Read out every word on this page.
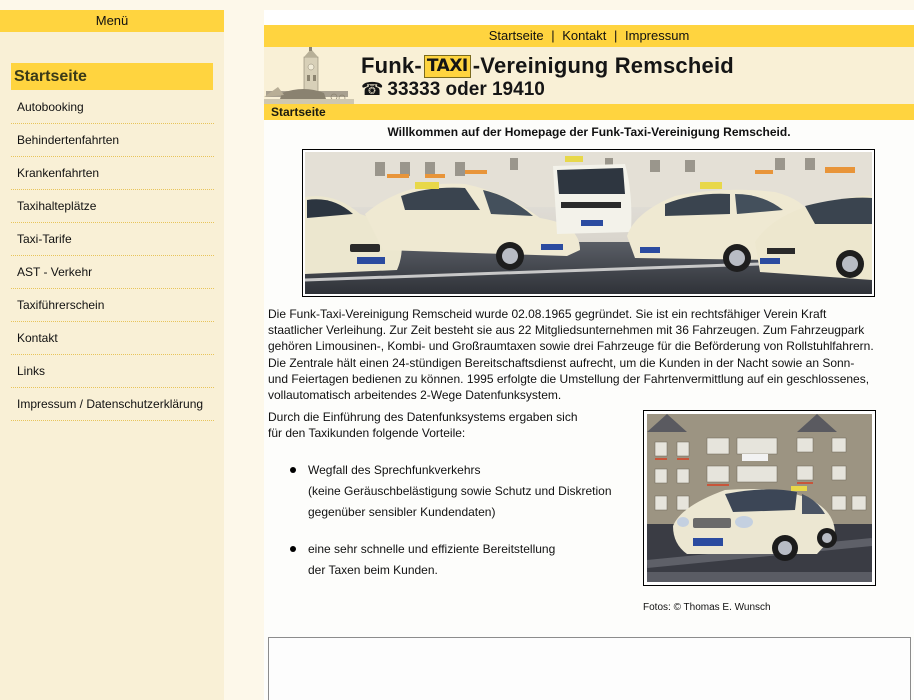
Menü
Startseite
Autobooking
Behindertenfahrten
Krankenfahrten
Taxihalteplätze
Taxi-Tarife
AST - Verkehr
Taxiführerschein
Kontakt
Links
Impressum / Datenschutzerklärung
Startseite | Kontakt | Impressum
Funk- TAXI -Vereinigung Remscheid
☎ 33333 oder 19410
Startseite
Willkommen auf der Homepage der Funk-Taxi-Vereinigung Remscheid.
Die Funk-Taxi-Vereinigung Remscheid wurde 02.08.1965 gegründet. Sie ist ein rechtsfähiger Verein Kraft
staatlicher Verleihung. Zur Zeit besteht sie aus 22 Mitgliedsunternehmen mit 36 Fahrzeugen. Zum Fahrzeugpark
gehören Limousinen-, Kombi- und Großraumtaxen sowie drei Fahrzeuge für die Beförderung von Rollstuhlfahrern.
Die Zentrale hält einen 24-stündigen Bereitschaftsdienst aufrecht, um die Kunden in der Nacht sowie an Sonn-
und Feiertagen bedienen zu können. 1995 erfolgte die Umstellung der Fahrtenvermittlung auf ein geschlossenes,
vollautomatisch arbeitendes 2-Wege Datenfunksystem.
Durch die Einführung des Datenfunksystems ergaben sich
für den Taxikunden folgende Vorteile:
Wegfall des Sprechfunkverkehrs
(keine Geräuschbelästigung sowie Schutz und Diskretion
gegenüber sensibler Kundendaten)
eine sehr schnelle und effiziente Bereitstellung
der Taxen beim Kunden.
Fotos: © Thomas E. Wunsch
